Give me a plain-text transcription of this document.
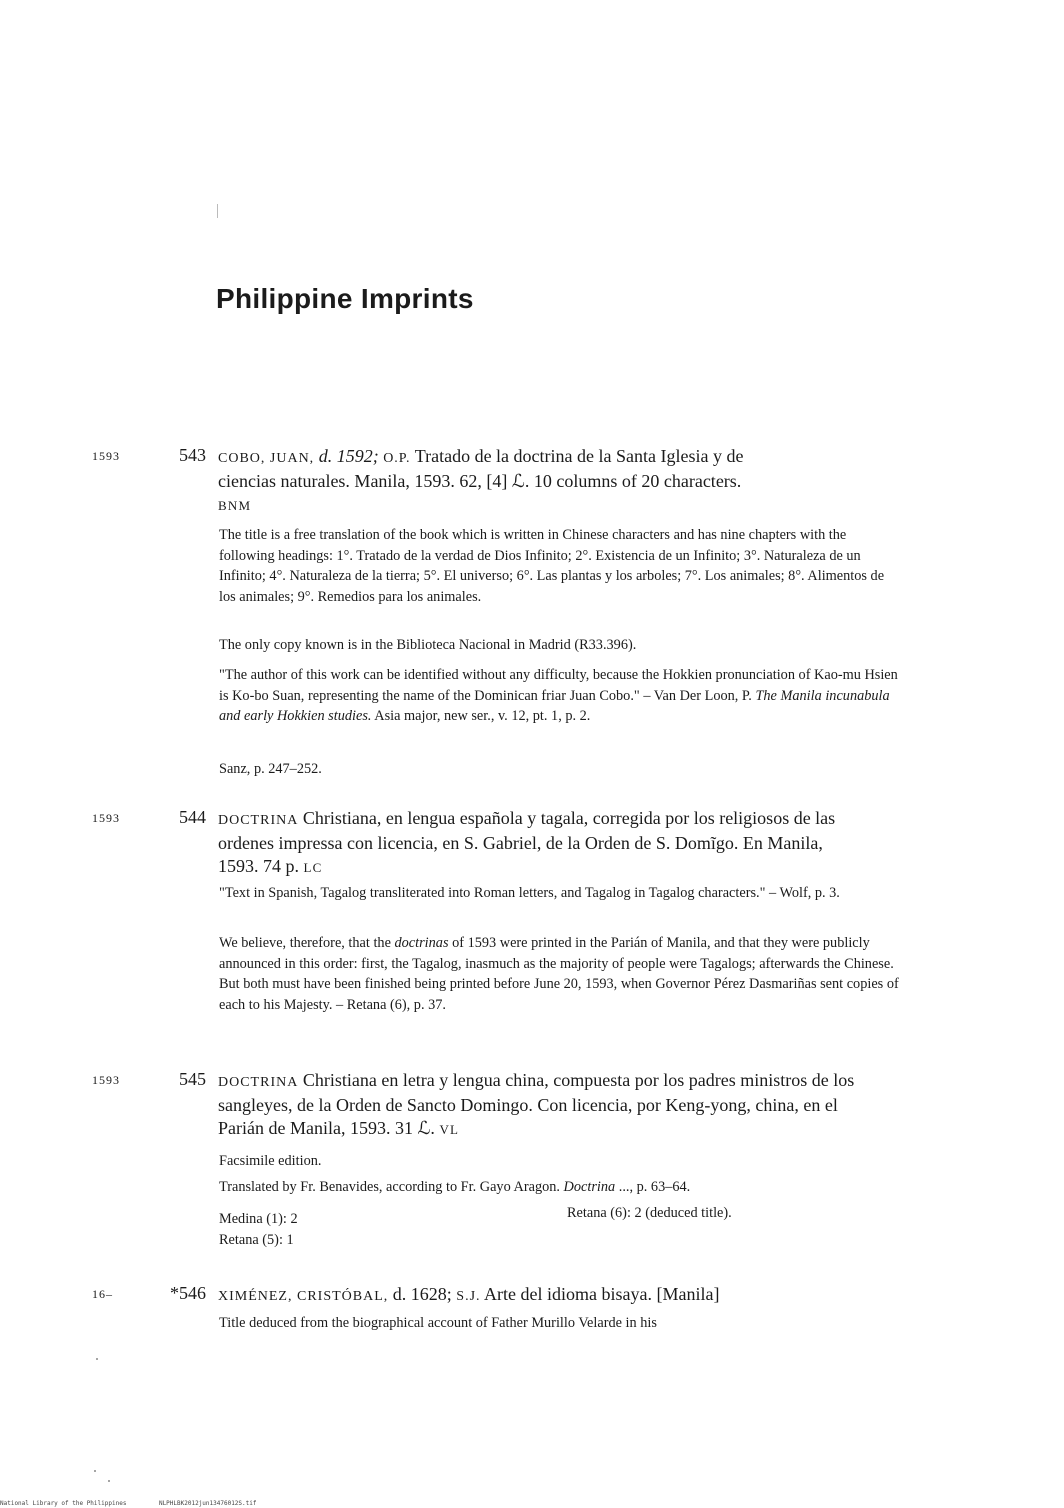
Philippine Imprints
1593	543 COBO, JUAN, d. 1592; O.P. Tratado de la doctrina de la Santa Iglesia y de
ciencias naturales. Manila, 1593. 62, [4] ℒ. 10 columns of 20 characters.
BNM
The title is a free translation of the book which is written in Chinese characters and has nine chapters with the following headings: 1°. Tratado de la verdad de Dios Infinito; 2°. Existencia de un Infinito; 3°. Naturaleza de un Infinito; 4°. Naturaleza de la tierra; 5°. El universo; 6°. Las plantas y los arboles; 7°. Los animales; 8°. Alimentos de los animales; 9°. Remedios para los animales.
The only copy known is in the Biblioteca Nacional in Madrid (R33.396).
"The author of this work can be identified without any difficulty, because the Hokkien pronunciation of Kao-mu Hsien is Ko-bo Suan, representing the name of the Dominican friar Juan Cobo." – Van Der Loon, P. The Manila incunabula and early Hokkien studies. Asia major, new ser., v. 12, pt. 1, p. 2.
Sanz, p. 247–252.
1593	544 DOCTRINA Christiana, en lengua española y tagala, corregida por los religiosos de las ordenes impressa con licencia, en S. Gabriel, de la Orden de S. Domĩgo. En Manila, 1593. 74 p. LC
"Text in Spanish, Tagalog transliterated into Roman letters, and Tagalog in Tagalog characters." – Wolf, p. 3.
We believe, therefore, that the doctrinas of 1593 were printed in the Parián of Manila, and that they were publicly announced in this order: first, the Tagalog, inasmuch as the majority of people were Tagalogs; afterwards the Chinese. But both must have been finished being printed before June 20, 1593, when Governor Pérez Dasmariñas sent copies of each to his Majesty. – Retana (6), p. 37.
1593	545 DOCTRINA Christiana en letra y lengua china, compuesta por los padres ministros de los sangleyes, de la Orden de Sancto Domingo. Con licencia, por Keng-yong, china, en el Parián de Manila, 1593. 31 ℒ. VL
Facsimile edition.
Translated by Fr. Benavides, according to Fr. Gayo Aragon. Doctrina ..., p. 63–64.
Medina (1): 2
Retana (5): 1
Retana (6): 2 (deduced title).
16–	*546 XIMÉNEZ, CRISTÓBAL, d. 1628; S.J. Arte del idioma bisaya. [Manila]
Title deduced from the biographical account of Father Murillo Velarde in his
National Library of the Philippines	NLPHLBK2012jun13476012S.tif
